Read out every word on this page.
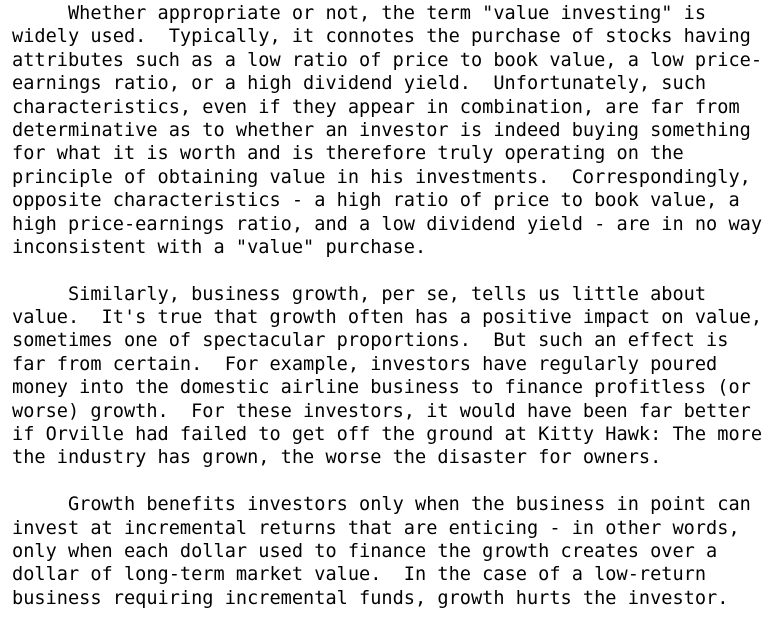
Whether appropriate or not, the term "value investing" is
widely used.  Typically, it connotes the purchase of stocks having
attributes such as a low ratio of price to book value, a low price-
earnings ratio, or a high dividend yield.  Unfortunately, such
characteristics, even if they appear in combination, are far from
determinative as to whether an investor is indeed buying something
for what it is worth and is therefore truly operating on the
principle of obtaining value in his investments.  Correspondingly,
opposite characteristics - a high ratio of price to book value, a
high price-earnings ratio, and a low dividend yield - are in no way
inconsistent with a "value" purchase.
Similarly, business growth, per se, tells us little about
value.  It's true that growth often has a positive impact on value,
sometimes one of spectacular proportions.  But such an effect is
far from certain.  For example, investors have regularly poured
money into the domestic airline business to finance profitless (or
worse) growth.  For these investors, it would have been far better
if Orville had failed to get off the ground at Kitty Hawk: The more
the industry has grown, the worse the disaster for owners.
Growth benefits investors only when the business in point can
invest at incremental returns that are enticing - in other words,
only when each dollar used to finance the growth creates over a
dollar of long-term market value.  In the case of a low-return
business requiring incremental funds, growth hurts the investor.
